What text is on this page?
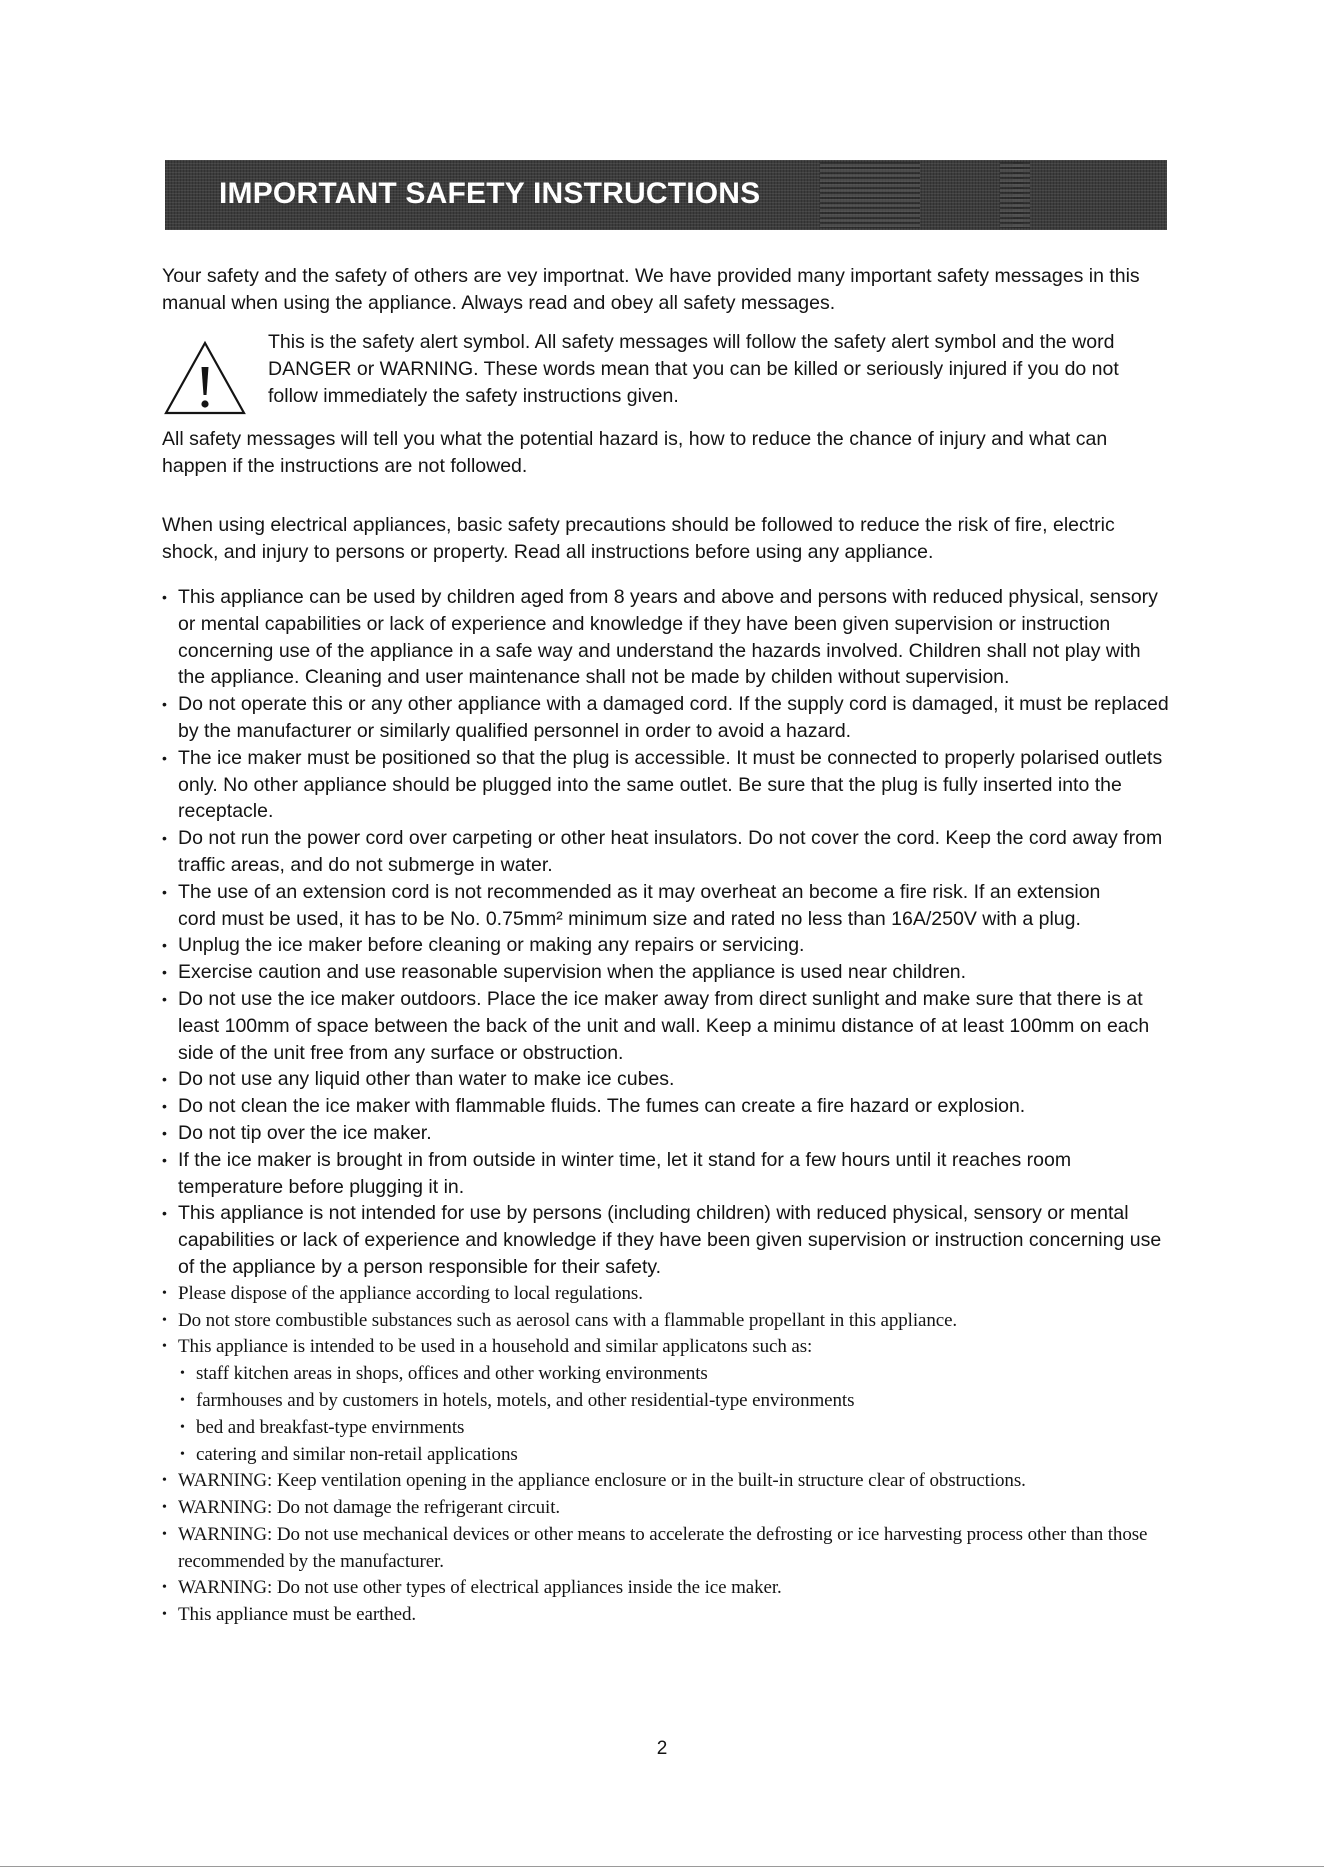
IMPORTANT SAFETY INSTRUCTIONS

Your safety and the safety of others are vey importnat. We have provided many important safety messages in this manual when using the appliance. Always read and obey all safety messages.

This is the safety alert symbol. All safety messages will follow the safety alert symbol and the word DANGER or WARNING. These words mean that you can be killed or seriously injured if you do not follow immediately the safety instructions given.

All safety messages will tell you what the potential hazard is, how to reduce the chance of injury and what can happen if the instructions are not followed.

When using electrical appliances, basic safety precautions should be followed to reduce the risk of fire, electric shock, and injury to persons or property. Read all instructions before using any appliance.

• This appliance can be used by children aged from 8 years and above and persons with reduced physical, sensory or mental capabilities or lack of experience and knowledge if they have been given supervision or instruction concerning use of the appliance in a safe way and understand the hazards involved. Children shall not play with the appliance. Cleaning and user maintenance shall not be made by childen without supervision.
• Do not operate this or any other appliance with a damaged cord. If the supply cord is damaged, it must be replaced by the manufacturer or similarly qualified personnel in order to avoid a hazard.
• The ice maker must be positioned so that the plug is accessible. It must be connected to properly polarised outlets only. No other appliance should be plugged into the same outlet. Be sure that the plug is fully inserted into the receptacle.
• Do not run the power cord over carpeting or other heat insulators. Do not cover the cord. Keep the cord away from traffic areas, and do not submerge in water.
• The use of an extension cord is not recommended as it may overheat an become a fire risk. If an extension cord must be used, it has to be No. 0.75mm² minimum size and rated no less than 16A/250V with a plug.
• Unplug the ice maker before cleaning or making any repairs or servicing.
• Exercise caution and use reasonable supervision when the appliance is used near children.
• Do not use the ice maker outdoors. Place the ice maker away from direct sunlight and make sure that there is at least 100mm of space between the back of the unit and wall. Keep a minimu distance of at least 100mm on each side of the unit free from any surface or obstruction.
• Do not use any liquid other than water to make ice cubes.
• Do not clean the ice maker with flammable fluids. The fumes can create a fire hazard or explosion.
• Do not tip over the ice maker.
• If the ice maker is brought in from outside in winter time, let it stand for a few hours until it reaches room temperature before plugging it in.
• This appliance is not intended for use by persons (including children) with reduced physical, sensory or mental capabilities or lack of experience and knowledge if they have been given supervision or instruction concerning use of the appliance by a person responsible for their safety.
• Please dispose of the appliance according to local regulations.
• Do not store combustible substances such as aerosol cans with a flammable propellant in this appliance.
• This appliance is intended to be used in a household and similar applicatons such as:
• staff kitchen areas in shops, offices and other working environments
• farmhouses and by customers in hotels, motels, and other residential-type environments
• bed and breakfast-type envirnments
• catering and similar non-retail applications
• WARNING: Keep ventilation opening in the appliance enclosure or in the built-in structure clear of obstructions.
• WARNING: Do not damage the refrigerant circuit.
• WARNING: Do not use mechanical devices or other means to accelerate the defrosting or ice harvesting process other than those recommended by the manufacturer.
• WARNING: Do not use other types of electrical appliances inside the ice maker.
• This appliance must be earthed.

2
